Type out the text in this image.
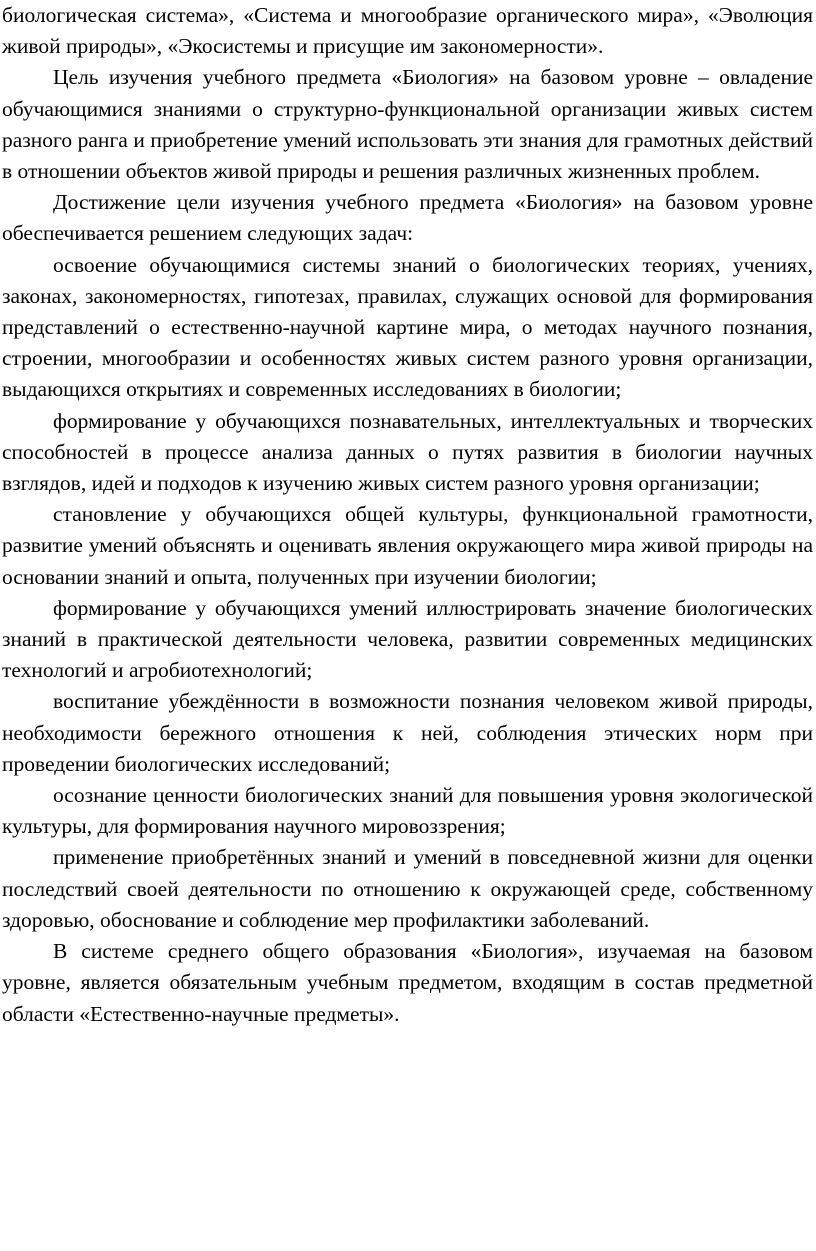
биологическая система», «Система и многообразие органического мира», «Эволюция живой природы», «Экосистемы и присущие им закономерности».

Цель изучения учебного предмета «Биология» на базовом уровне – овладение обучающимися знаниями о структурно-функциональной организации живых систем разного ранга и приобретение умений использовать эти знания для грамотных действий в отношении объектов живой природы и решения различных жизненных проблем.

Достижение цели изучения учебного предмета «Биология» на базовом уровне обеспечивается решением следующих задач:

освоение обучающимися системы знаний о биологических теориях, учениях, законах, закономерностях, гипотезах, правилах, служащих основой для формирования представлений о естественно-научной картине мира, о методах научного познания, строении, многообразии и особенностях живых систем разного уровня организации, выдающихся открытиях и современных исследованиях в биологии;

формирование у обучающихся познавательных, интеллектуальных и творческих способностей в процессе анализа данных о путях развития в биологии научных взглядов, идей и подходов к изучению живых систем разного уровня организации;

становление у обучающихся общей культуры, функциональной грамотности, развитие умений объяснять и оценивать явления окружающего мира живой природы на основании знаний и опыта, полученных при изучении биологии;

формирование у обучающихся умений иллюстрировать значение биологических знаний в практической деятельности человека, развитии современных медицинских технологий и агробиотехнологий;

воспитание убеждённости в возможности познания человеком живой природы, необходимости бережного отношения к ней, соблюдения этических норм при проведении биологических исследований;

осознание ценности биологических знаний для повышения уровня экологической культуры, для формирования научного мировоззрения;

применение приобретённых знаний и умений в повседневной жизни для оценки последствий своей деятельности по отношению к окружающей среде, собственному здоровью, обоснование и соблюдение мер профилактики заболеваний.

В системе среднего общего образования «Биология», изучаемая на базовом уровне, является обязательным учебным предметом, входящим в состав предметной области «Естественно-научные предметы».
